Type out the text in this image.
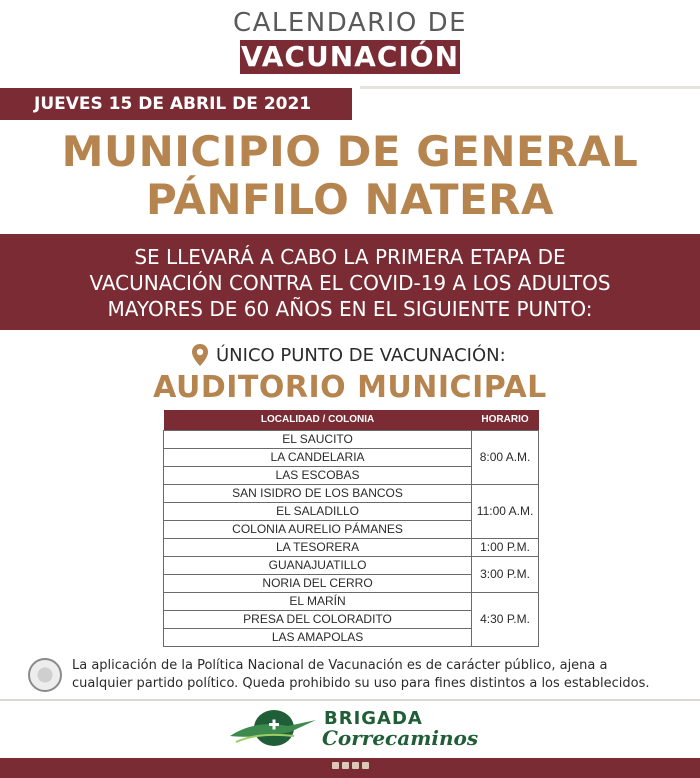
CALENDARIO DE
VACUNACIÓN
JUEVES 15 DE ABRIL DE 2021
MUNICIPIO DE GENERAL
PÁNFILO NATERA
SE LLEVARÁ A CABO LA PRIMERA ETAPA DE
VACUNACIÓN CONTRA EL COVID-19 A LOS ADULTOS
MAYORES DE 60 AÑOS EN EL SIGUIENTE PUNTO:
ÚNICO PUNTO DE VACUNACIÓN:
AUDITORIO MUNICIPAL
LOCALIDAD / COLONIA	HORARIO
EL SAUCITO	8:00 A.M.
LA CANDELARIA	
LAS ESCOBAS	
SAN ISIDRO DE LOS BANCOS	11:00 A.M.
EL SALADILLO	
COLONIA AURELIO PÁMANES	
LA TESORERA	1:00 P.M.
GUANAJUATILLO	3:00 P.M.
NORIA DEL CERRO	
EL MARÍN	4:30 P.M.
PRESA DEL COLORADITO	
LAS AMAPOLAS	
La aplicación de la Política Nacional de Vacunación es de carácter público, ajena a
cualquier partido político. Queda prohibido su uso para fines distintos a los establecidos.
BRIGADA
Correcaminos
